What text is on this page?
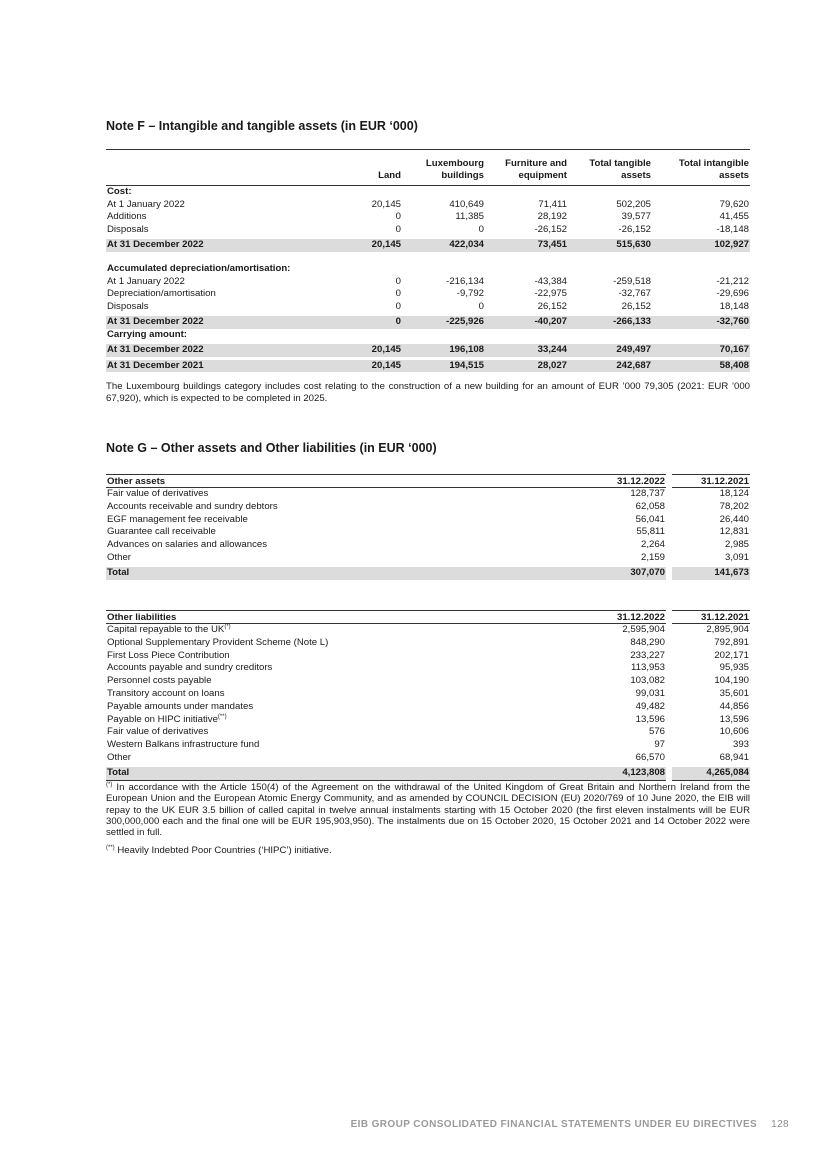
Note F – Intangible and tangible assets (in EUR ‘000)
	Land	Luxembourg buildings	Furniture and equipment	Total tangible assets	Total intangible assets
Cost:					
At 1 January 2022	20,145	410,649	71,411	502,205	79,620
Additions	0	11,385	28,192	39,577	41,455
Disposals	0	0	-26,152	-26,152	-18,148
At 31 December 2022	20,145	422,034	73,451	515,630	102,927
Accumulated depreciation/amortisation:					
At 1 January 2022	0	-216,134	-43,384	-259,518	-21,212
Depreciation/amortisation	0	-9,792	-22,975	-32,767	-29,696
Disposals	0	0	26,152	26,152	18,148
At 31 December 2022	0	-225,926	-40,207	-266,133	-32,760
Carrying amount:					
At 31 December 2022	20,145	196,108	33,244	249,497	70,167
At 31 December 2021	20,145	194,515	28,027	242,687	58,408
The Luxembourg buildings category includes cost relating to the construction of a new building for an amount of EUR ’000 79,305 (2021: EUR ’000 67,920), which is expected to be completed in 2025.
Note G – Other assets and Other liabilities (in EUR ‘000)
Other assets	31.12.2022	31.12.2021
Fair value of derivatives	128,737	18,124
Accounts receivable and sundry debtors	62,058	78,202
EGF management fee receivable	56,041	26,440
Guarantee call receivable	55,811	12,831
Advances on salaries and allowances	2,264	2,985
Other	2,159	3,091
Total	307,070	141,673
Other liabilities	31.12.2022	31.12.2021
Capital repayable to the UK(*)	2,595,904	2,895,904
Optional Supplementary Provident Scheme (Note L)	848,290	792,891
First Loss Piece Contribution	233,227	202,171
Accounts payable and sundry creditors	113,953	95,935
Personnel costs payable	103,082	104,190
Transitory account on loans	99,031	35,601
Payable amounts under mandates	49,482	44,856
Payable on HIPC initiative(**)	13,596	13,596
Fair value of derivatives	576	10,606
Western Balkans infrastructure fund	97	393
Other	66,570	68,941
Total	4,123,808	4,265,084
(*) In accordance with the Article 150(4) of the Agreement on the withdrawal of the United Kingdom of Great Britain and Northern Ireland from the European Union and the European Atomic Energy Community, and as amended by COUNCIL DECISION (EU) 2020/769 of 10 June 2020, the EIB will repay to the UK EUR 3.5 billion of called capital in twelve annual instalments starting with 15 October 2020 (the first eleven instalments will be EUR 300,000,000 each and the final one will be EUR 195,903,950). The instalments due on 15 October 2020, 15 October 2021 and 14 October 2022 were settled in full.
(**) Heavily Indebted Poor Countries (‘HIPC’) initiative.
EIB GROUP CONSOLIDATED FINANCIAL STATEMENTS UNDER EU DIRECTIVES 128
